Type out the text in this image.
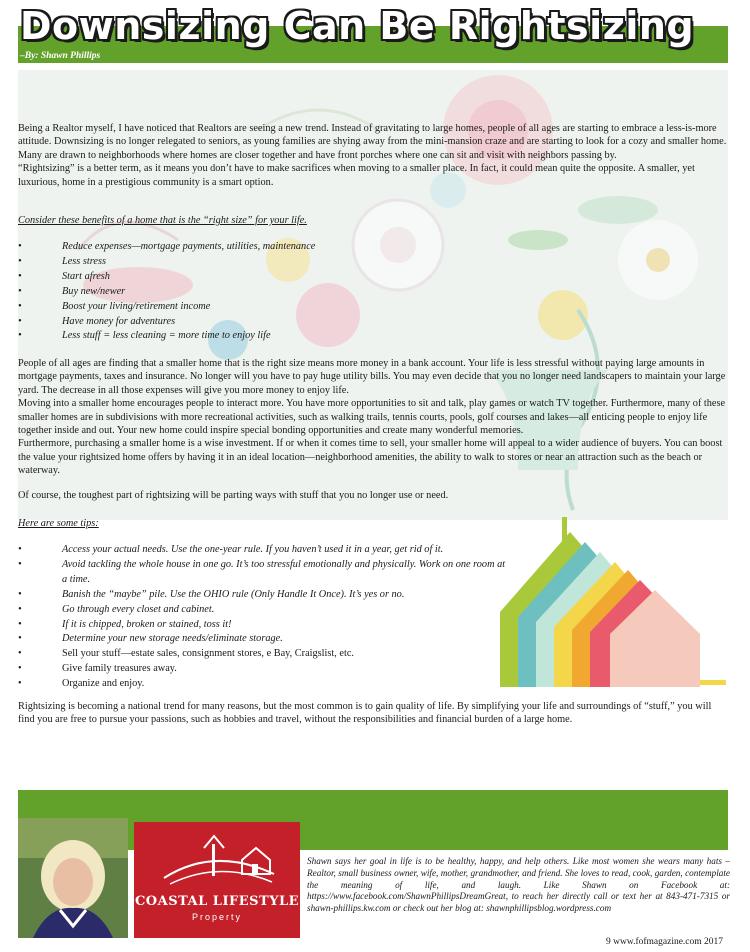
Downsizing Can Be Rightsizing
–By: Shawn Phillips

Being a Realtor myself, I have noticed that Realtors are seeing a new trend. Instead of gravitating to large homes, people of all ages are starting to embrace a less-is-more attitude. Downsizing is no longer relegated to seniors, as young families are shying away from the mini-mansion craze and are starting to look for a cozy and smaller home. Many are drawn to neighborhoods where homes are closer together and have front porches where one can sit and visit with neighbors passing by.

“Rightsizing” is a better term, as it means you don’t have to make sacrifices when moving to a smaller place. In fact, it could mean quite the opposite. A smaller, yet luxurious, home in a prestigious community is a smart option.

Consider these benefits of a home that is the “right size” for your life.
• Reduce expenses—mortgage payments, utilities, maintenance
• Less stress
• Start afresh
• Buy new/newer
• Boost your living/retirement income
• Have money for adventures
• Less stuff = less cleaning = more time to enjoy life

People of all ages are finding that a smaller home that is the right size means more money in a bank account. Your life is less stressful without paying large amounts in mortgage payments, taxes and insurance. No longer will you have to pay huge utility bills. You may even decide that you no longer need landscapers to maintain your large yard. The decrease in all those expenses will give you more money to enjoy life.

Moving into a smaller home encourages people to interact more. You have more opportunities to sit and talk, play games or watch TV together. Furthermore, many of these smaller homes are in subdivisions with more recreational activities, such as walking trails, tennis courts, pools, golf courses and lakes—all enticing people to enjoy life together inside and out. Your new home could inspire special bonding opportunities and create many wonderful memories.

Furthermore, purchasing a smaller home is a wise investment. If or when it comes time to sell, your smaller home will appeal to a wider audience of buyers. You can boost the value your rightsized home offers by having it in an ideal location—neighborhood amenities, the ability to walk to stores or near an attraction such as the beach or waterway.

Of course, the toughest part of rightsizing will be parting ways with stuff that you no longer use or need.
Here are some tips:
• Access your actual needs. Use the one-year rule. If you haven’t used it in a year, get rid of it.
• Avoid tackling the whole house in one go. It’s too stressful emotionally and physically. Work on one room at a time.
• Banish the “maybe” pile. Use the OHIO rule (Only Handle It Once). It’s yes or no.
• Go through every closet and cabinet.
• If it is chipped, broken or stained, toss it!
• Determine your new storage needs/eliminate storage.
• Sell your stuff—estate sales, consignment stores, e Bay, Craigslist, etc.
• Give family treasures away.
• Organize and enjoy.
Rightsizing is becoming a national trend for many reasons, but the most common is to gain quality of life. By simplifying your life and surroundings of “stuff,” you will find you are free to pursue your passions, such as hobbies and travel, without the responsibilities and financial burden of a large home.
COASTAL LIFESTYLE
Property
Shawn says her goal in life is to be healthy, happy, and help others. Like most women she wears many hats – Realtor, small business owner, wife, mother, grandmother, and friend. She loves to read, cook, garden, contemplate the meaning of life, and laugh. Like Shawn on Facebook at: https://www.facebook.com/ShawnPhillipsDreamGreat, to reach her directly call or text her at 843-471-7315 or shawn-phillips.kw.com or check out her blog at: shawnphillipsblog.wordpress.com
9 www.fofmagazine.com 2017
